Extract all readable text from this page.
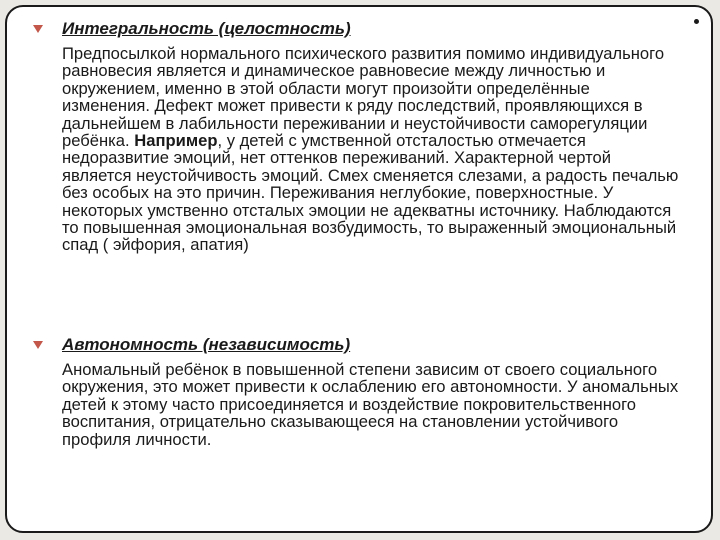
Интегральность (целостность)
Предпосылкой нормального психического развития помимо индивидуального равновесия является и динамическое равновесие между личностью и окружением, именно в этой области могут произойти определённые изменения. Дефект может привести к ряду последствий, проявляющихся в дальнейшем в лабильности переживании и неустойчивости саморегуляции ребёнка. Например, у детей с умственной отсталостью отмечается недоразвитие эмоций, нет оттенков переживаний. Характерной чертой является неустойчивость эмоций. Смех сменяется слезами, а радость печалью без особых на это причин. Переживания неглубокие, поверхностные. У некоторых умственно отсталых эмоции не адекватны источнику. Наблюдаются то повышенная эмоциональная возбудимость, то выраженный эмоциональный спад ( эйфория, апатия)
Автономность (независимость)
Аномальный ребёнок в повышенной степени зависим от своего социального окружения, это может привести к ослаблению его автономности. У аномальных детей к этому часто присоединяется и воздействие покровительственного воспитания, отрицательно сказывающееся на становлении устойчивого профиля личности.
